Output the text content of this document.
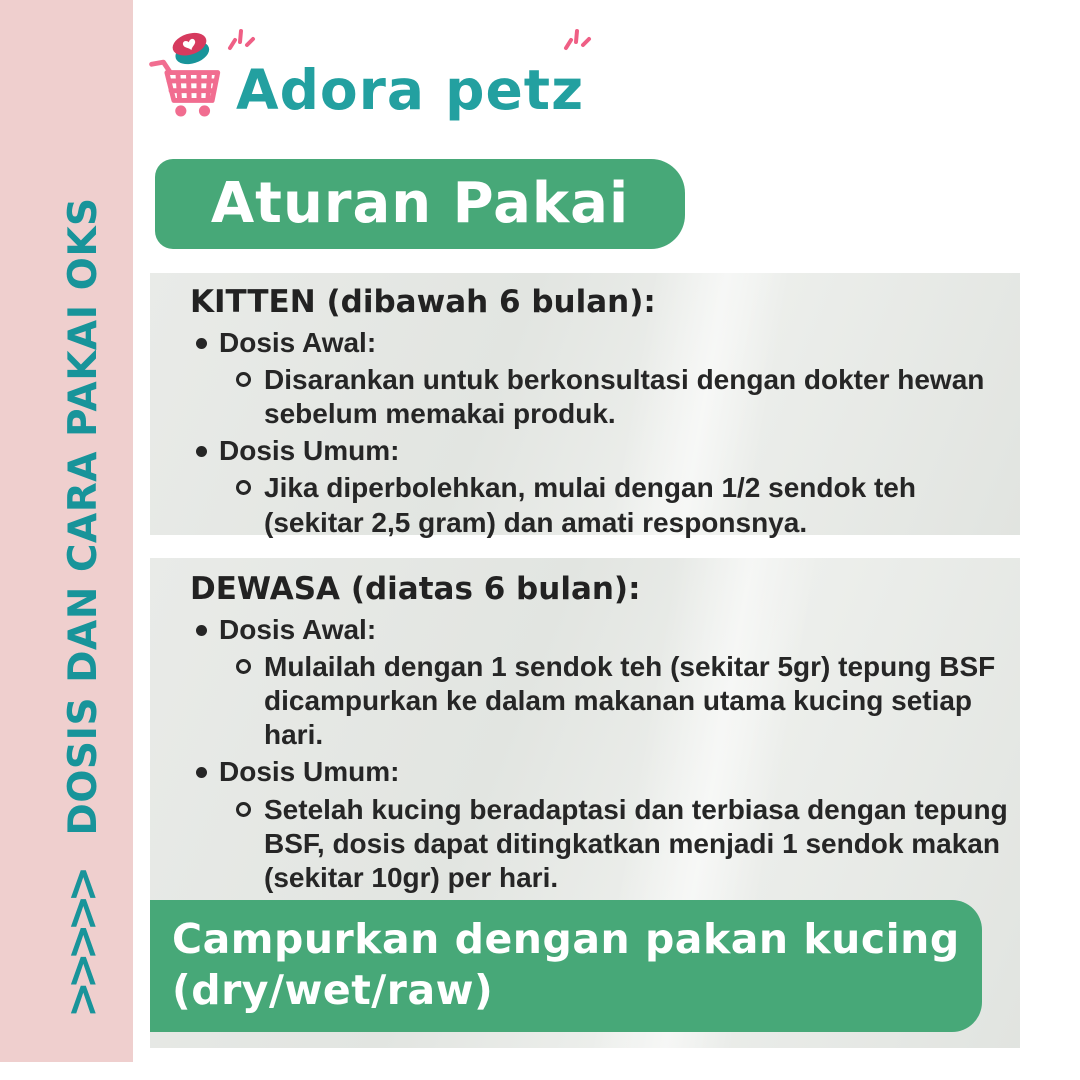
>>>>>
DOSIS DAN CARA PAKAI OKS
Adora petz
Aturan Pakai
KITTEN (dibawah 6 bulan):
Dosis Awal:
Disarankan untuk berkonsultasi dengan dokter hewan sebelum memakai produk.
Dosis Umum:
Jika diperbolehkan, mulai dengan 1/2 sendok teh (sekitar 2,5 gram) dan amati responsnya.
DEWASA (diatas 6 bulan):
Dosis Awal:
Mulailah dengan 1 sendok teh (sekitar 5gr) tepung BSF dicampurkan ke dalam makanan utama kucing setiap hari.
Dosis Umum:
Setelah kucing beradaptasi dan terbiasa dengan tepung BSF, dosis dapat ditingkatkan menjadi 1 sendok makan (sekitar 10gr) per hari.
Campurkan dengan pakan kucing
(dry/wet/raw)
